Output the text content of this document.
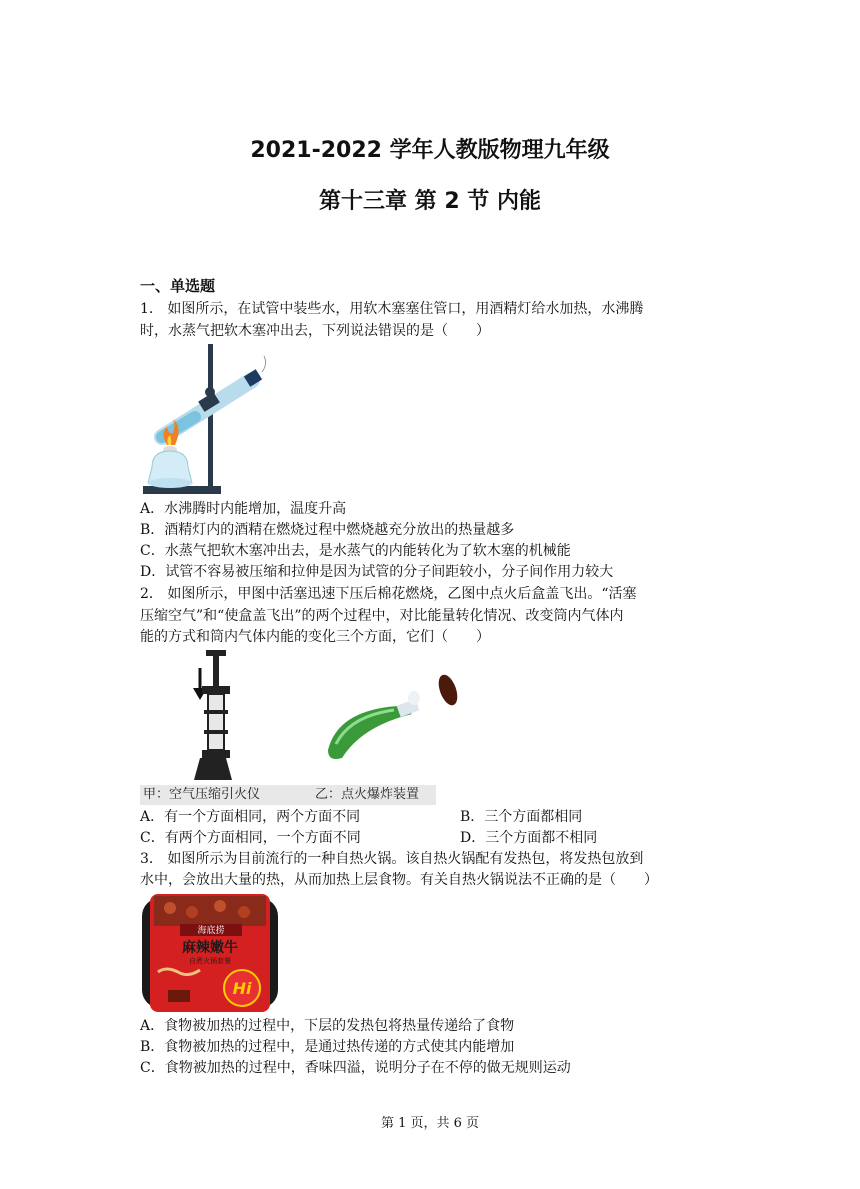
2021-2022 学年人教版物理九年级
第十三章 第 2 节 内能
一、单选题
1． 如图所示，在试管中装些水，用软木塞塞住管口，用酒精灯给水加热，水沸腾
时，水蒸气把软木塞冲出去，下列说法错误的是（　　）
A．水沸腾时内能增加，温度升高
B．酒精灯内的酒精在燃烧过程中燃烧越充分放出的热量越多
C．水蒸气把软木塞冲出去，是水蒸气的内能转化为了软木塞的机械能
D．试管不容易被压缩和拉伸是因为试管的分子间距较小，分子间作用力较大
2． 如图所示，甲图中活塞迅速下压后棉花燃烧，乙图中点火后盒盖飞出。“活塞
压缩空气”和“使盒盖飞出”的两个过程中，对比能量转化情况、改变筒内气体内
能的方式和筒内气体内能的变化三个方面，它们（　　）
甲：空气压缩引火仪	乙：点火爆炸装置
A．有一个方面相同，两个方面不同	B．三个方面都相同
C．有两个方面相同，一个方面不同	D．三个方面都不相同
3． 如图所示为目前流行的一种自热火锅。该自热火锅配有发热包，将发热包放到
水中，会放出大量的热，从而加热上层食物。有关自热火锅说法不正确的是（　　）
海底捞
麻辣嫩牛
自煮火锅套餐
Hi
A．食物被加热的过程中，下层的发热包将热量传递给了食物
B．食物被加热的过程中，是通过热传递的方式使其内能增加
C．食物被加热的过程中，香味四溢，说明分子在不停的做无规则运动
第 1 页，共 6 页
